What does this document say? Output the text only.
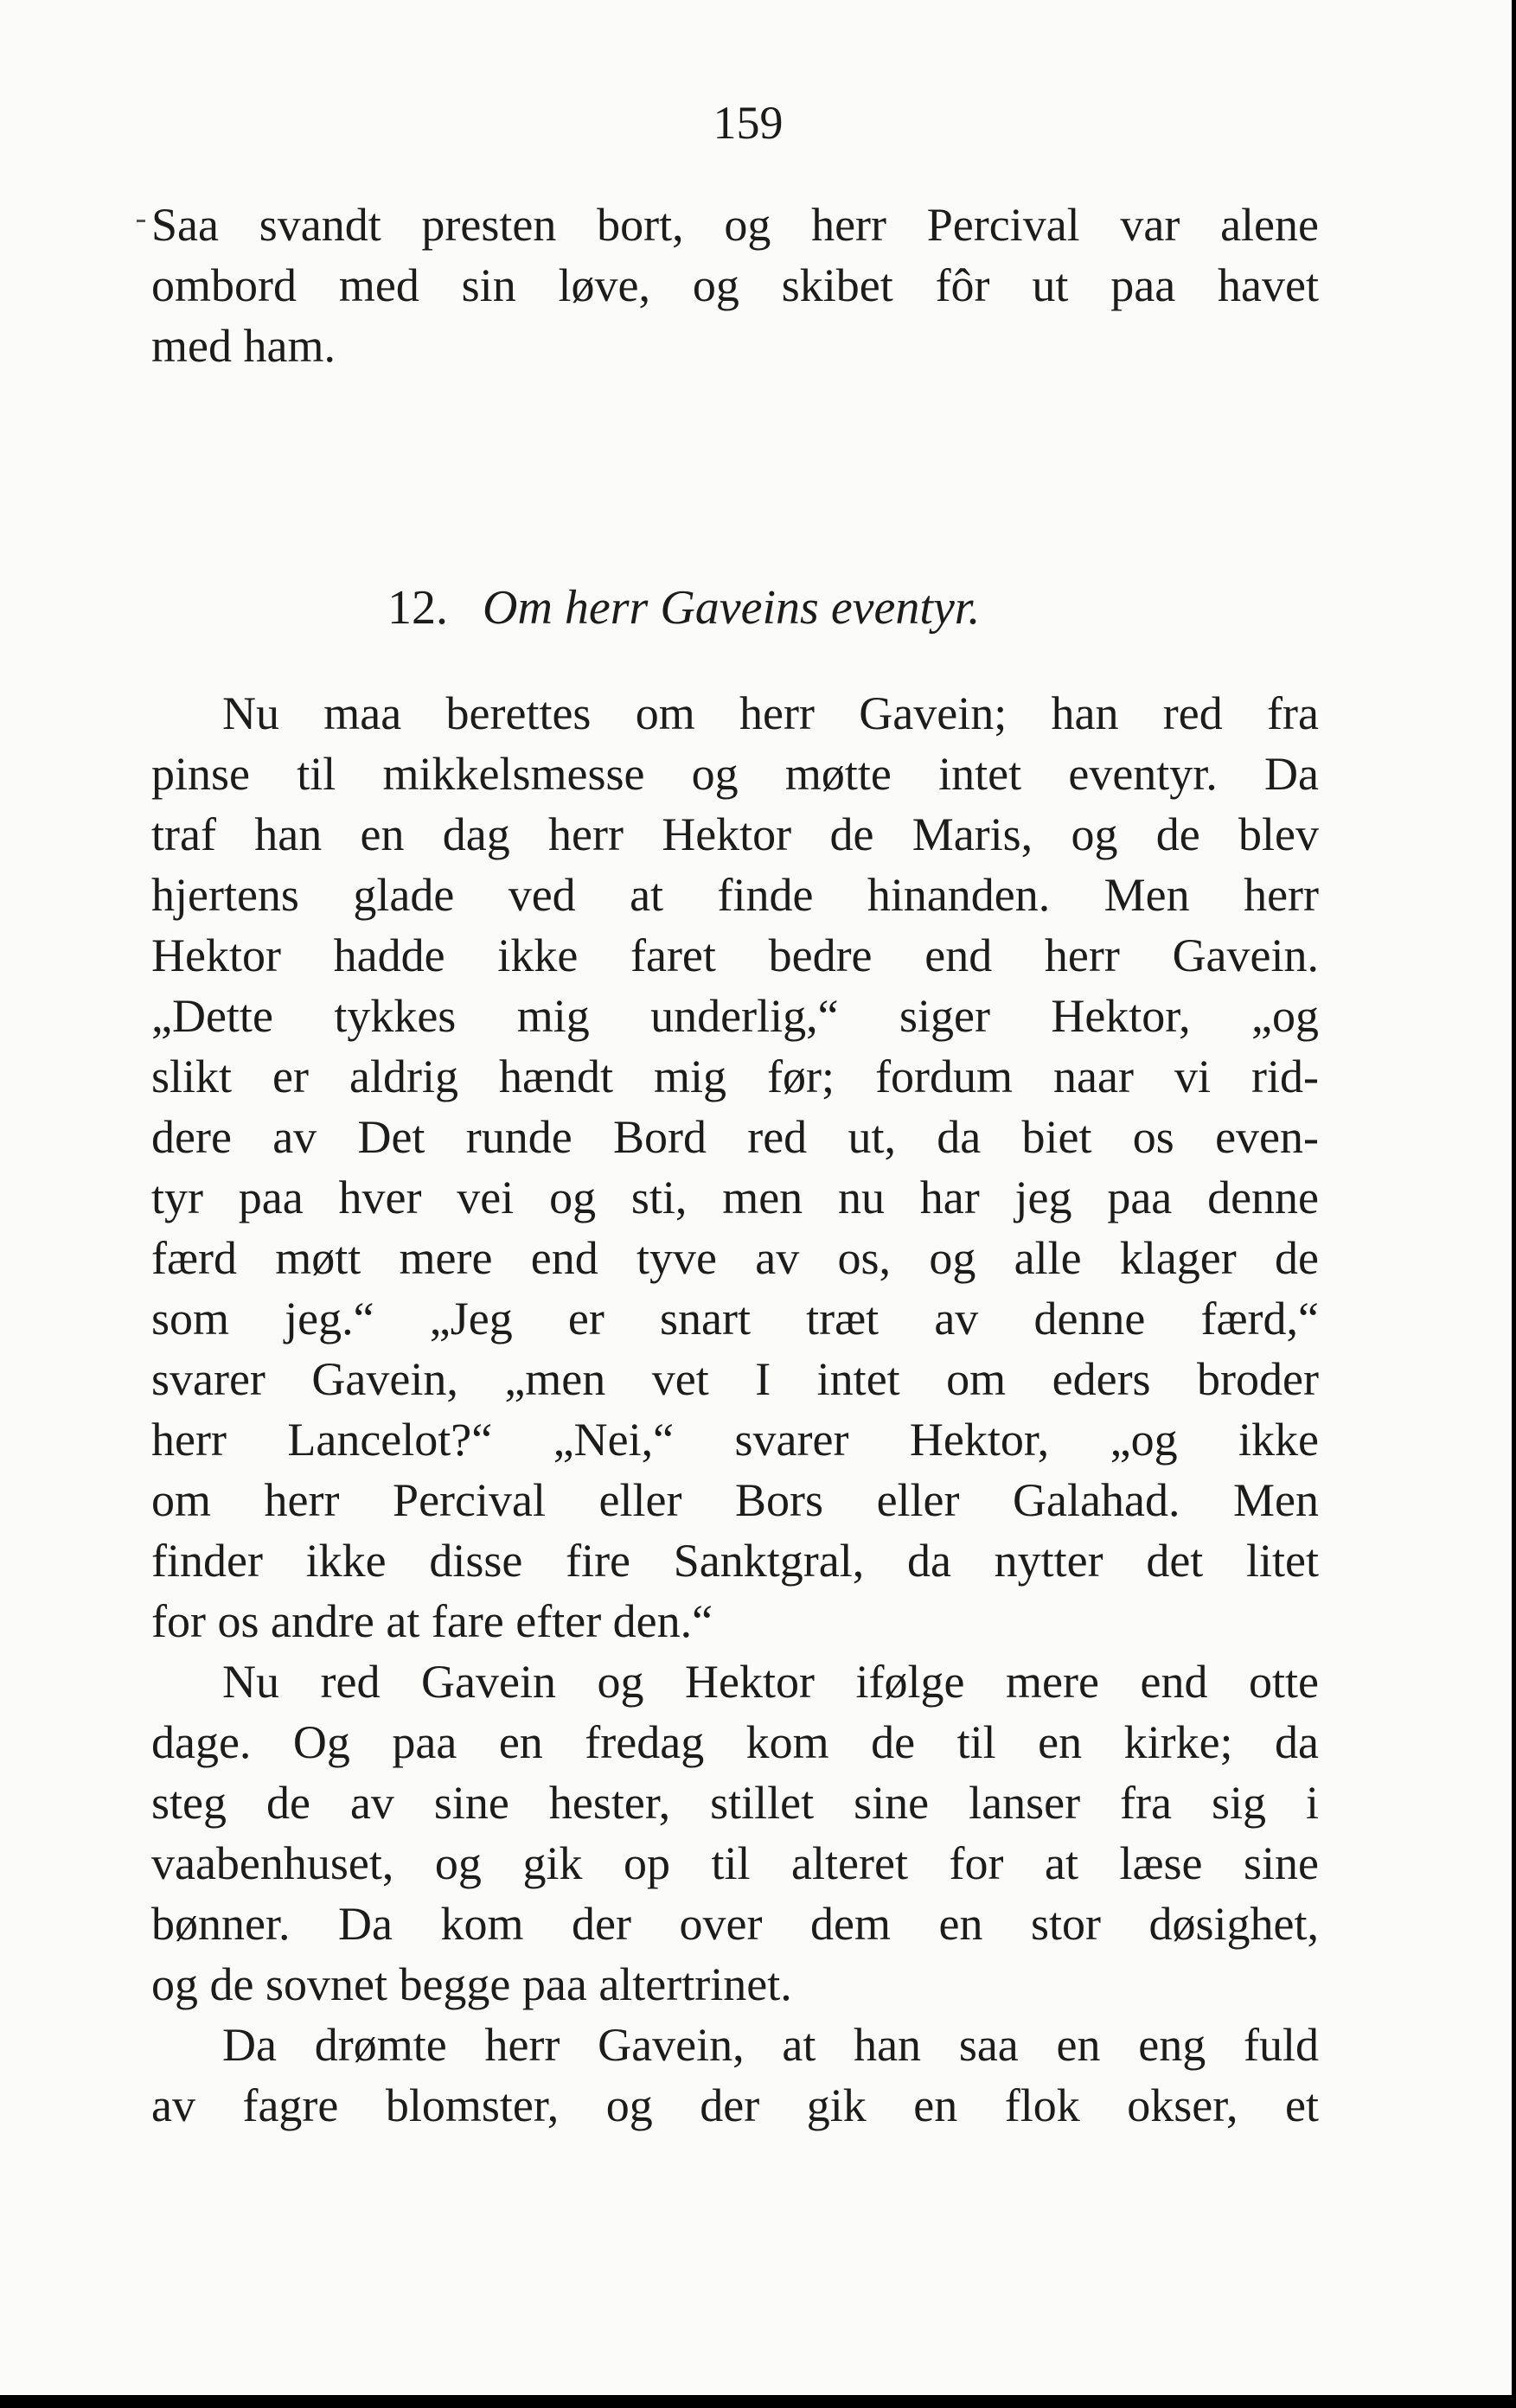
159
Saa svandt presten bort, og herr Percival var alene
ombord med sin løve, og skibet fôr ut paa havet
med ham.
12. Om herr Gaveins eventyr.
Nu maa berettes om herr Gavein; han red fra
pinse til mikkelsmesse og møtte intet eventyr. Da
traf han en dag herr Hektor de Maris, og de blev
hjertens glade ved at finde hinanden. Men herr
Hektor hadde ikke faret bedre end herr Gavein.
„Dette tykkes mig underlig,“ siger Hektor, „og
slikt er aldrig hændt mig før; fordum naar vi rid-
dere av Det runde Bord red ut, da biet os even-
tyr paa hver vei og sti, men nu har jeg paa denne
færd møtt mere end tyve av os, og alle klager de
som jeg.“ „Jeg er snart træt av denne færd,“
svarer Gavein, „men vet I intet om eders broder
herr Lancelot?“ „Nei,“ svarer Hektor, „og ikke
om herr Percival eller Bors eller Galahad. Men
finder ikke disse fire Sanktgral, da nytter det litet
for os andre at fare efter den.“
Nu red Gavein og Hektor ifølge mere end otte
dage. Og paa en fredag kom de til en kirke; da
steg de av sine hester, stillet sine lanser fra sig i
vaabenhuset, og gik op til alteret for at læse sine
bønner. Da kom der over dem en stor døsighet,
og de sovnet begge paa altertrinet.
Da drømte herr Gavein, at han saa en eng fuld
av fagre blomster, og der gik en flok okser, et
